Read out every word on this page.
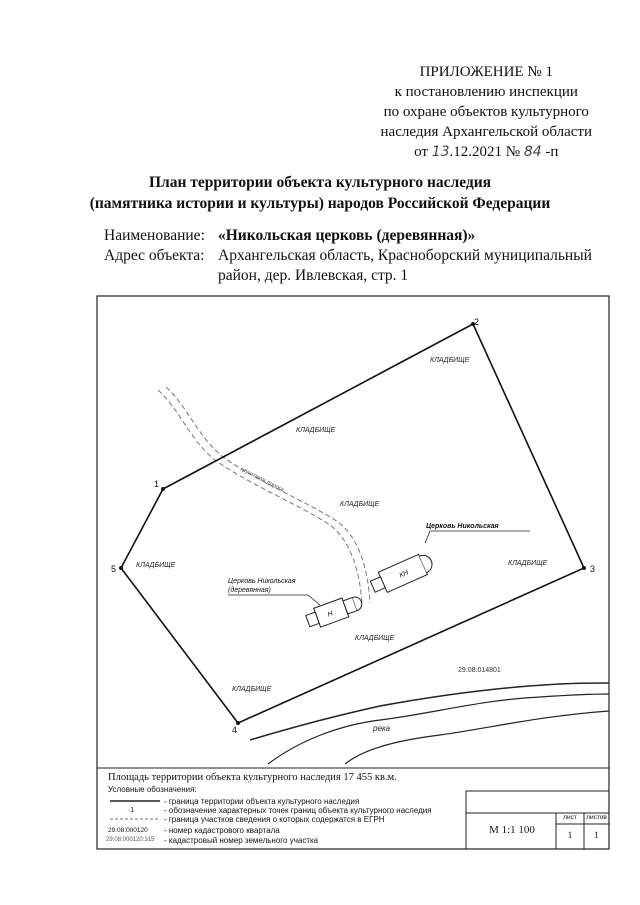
ПРИЛОЖЕНИЕ № 1
к постановлению инспекции
по охране объектов культурного
наследия Архангельской области
от 13.12.2021 № 84 -п
План территории объекта культурного наследия
(памятника истории и культуры) народов Российской Федерации
Наименование: «Никольская церковь (деревянная)»
Адрес объекта: Архангельская область, Красноборский муниципальный
район, дер. Ивлевская, стр. 1
грунтовая дорога
река
1
2
3
4
5
КЛАДБИЩЕ
КЛАДБИЩЕ
КЛАДБИЩЕ
КЛАДБИЩЕ	КЛАДБИЩЕ
КЛАДБИЩЕ
КЛАДБИЩЕ
КН
Церковь Никольская
Н
Церковь Никольская
(деревянная)
29:08:014801
Площадь территории объекта культурного наследия 17 455 кв.м.
Условные обозначения:
- граница территории объекта культурного наследия
·1	- обозначение характерных точек границ объекта культурного наследия
- граница участков сведения о которых содержатся в ЕГРН
29:08:000120 - номер кадастрового квартала
29:08:000120:315 - кадастровый номер земельного участка
М 1:1 100
лист	листов
1	1
